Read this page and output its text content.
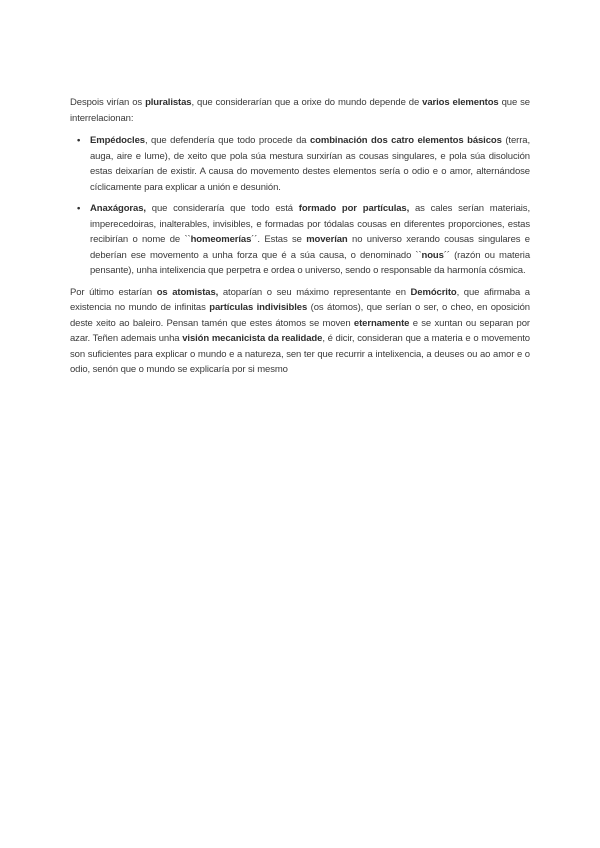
Despois virían os pluralistas, que considerarían que a orixe do mundo depende de varios elementos que se interrelacionan:

• Empédocles, que defendería que todo procede da combinación dos catro elementos básicos (terra, auga, aire e lume), de xeito que pola súa mestura surxirían as cousas singulares, e pola súa disolución estas deixarían de existir. A causa do movemento destes elementos sería o odio e o amor, alternándose cíclicamente para explicar a unión e desunión.
• Anaxágoras, que consideraría que todo está formado por partículas, as cales serían materiais, imperecedoiras, inalterables, invisibles, e formadas por tódalas cousas en diferentes proporciones, estas recibirían o nome de ``homeomerías´´. Estas se moverían no universo xerando cousas singulares e deberían ese movemento a unha forza que é a súa causa, o denominado ``nous´´ (razón ou materia pensante), unha intelixencia que perpetra e ordea o universo, sendo o responsable da harmonía cósmica.

Por último estarían os atomistas, atoparían o seu máximo representante en Demócrito, que afirmaba a existencia no mundo de infinitas partículas indivisibles (os átomos), que serían o ser, o cheo, en oposición deste xeito ao baleiro. Pensan tamén que estes átomos se moven eternamente e se xuntan ou separan por azar. Teñen ademais unha visión mecanicista da realidade, é dicir, consideran que a materia e o movemento son suficientes para explicar o mundo e a natureza, sen ter que recurrir a intelixencia, a deuses ou ao amor e o odio, senón que o mundo se explicaría por si mesmo
